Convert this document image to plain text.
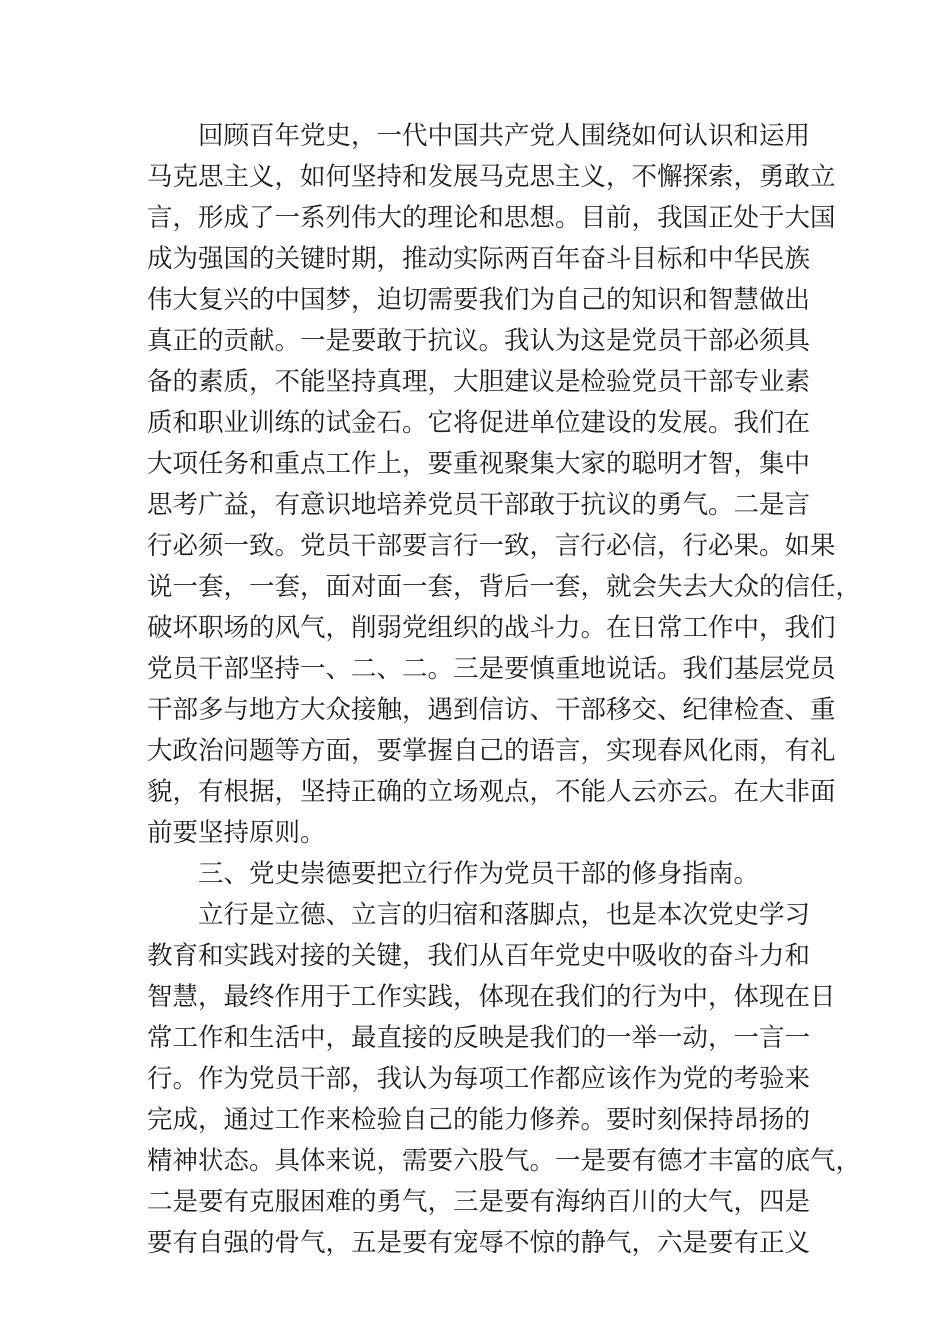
回顾百年党史，一代中国共产党人围绕如何认识和运用
马克思主义，如何坚持和发展马克思主义，不懈探索，勇敢立
言，形成了一系列伟大的理论和思想。目前，我国正处于大国
成为强国的关键时期，推动实际两百年奋斗目标和中华民族
伟大复兴的中国梦，迫切需要我们为自己的知识和智慧做出
真正的贡献。一是要敢于抗议。我认为这是党员干部必须具
备的素质，不能坚持真理，大胆建议是检验党员干部专业素
质和职业训练的试金石。它将促进单位建设的发展。我们在
大项任务和重点工作上，要重视聚集大家的聪明才智，集中
思考广益，有意识地培养党员干部敢于抗议的勇气。二是言
行必须一致。党员干部要言行一致，言行必信，行必果。如果
说一套，一套，面对面一套，背后一套，就会失去大众的信任，
破坏职场的风气，削弱党组织的战斗力。在日常工作中，我们
党员干部坚持一、二、二。三是要慎重地说话。我们基层党员
干部多与地方大众接触，遇到信访、干部移交、纪律检查、重
大政治问题等方面，要掌握自己的语言，实现春风化雨，有礼
貌，有根据，坚持正确的立场观点，不能人云亦云。在大非面
前要坚持原则。
三、党史崇德要把立行作为党员干部的修身指南。
立行是立德、立言的归宿和落脚点，也是本次党史学习
教育和实践对接的关键，我们从百年党史中吸收的奋斗力和
智慧，最终作用于工作实践，体现在我们的行为中，体现在日
常工作和生活中，最直接的反映是我们的一举一动，一言一
行。作为党员干部，我认为每项工作都应该作为党的考验来
完成，通过工作来检验自己的能力修养。要时刻保持昂扬的
精神状态。具体来说，需要六股气。一是要有德才丰富的底气，
二是要有克服困难的勇气，三是要有海纳百川的大气，四是
要有自强的骨气，五是要有宠辱不惊的静气，六是要有正义
